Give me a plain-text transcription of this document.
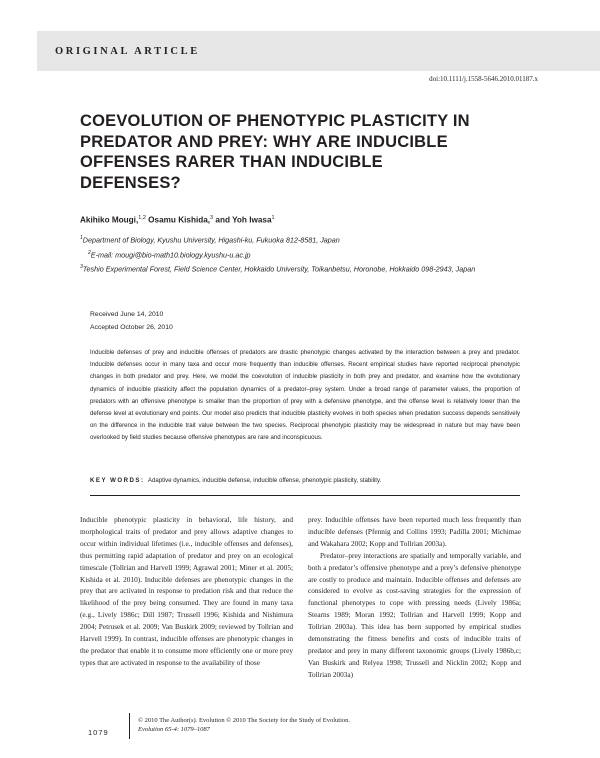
ORIGINAL ARTICLE
doi:10.1111/j.1558-5646.2010.01187.x
COEVOLUTION OF PHENOTYPIC PLASTICITY IN
PREDATOR AND PREY: WHY ARE INDUCIBLE
OFFENSES RARER THAN INDUCIBLE
DEFENSES?
Akihiko Mougi,$^{1,2}$ Osamu Kishida,$^3$ and Yoh Iwasa$^1$
$^1$Department of Biology, Kyushu University, Higashi-ku, Fukuoka 812-8581, Japan
$^2$E-mail: mougi@bio-math10.biology.kyushu-u.ac.jp
$^3$Teshio Experimental Forest, Field Science Center, Hokkaido University, Toikanbetsu, Horonobe, Hokkaido 098-2943, Japan
Received June 14, 2010
Accepted October 26, 2010

Inducible defenses of prey and inducible offenses of predators are drastic phenotypic changes activated by the interaction between a prey and predator. Inducible defenses occur in many taxa and occur more frequently than inducible offenses. Recent empirical studies have reported reciprocal phenotypic changes in both predator and prey. Here, we model the coevolution of inducible plasticity in both prey and predator, and examine how the evolutionary dynamics of inducible plasticity affect the population dynamics of a predator–prey system. Under a broad range of parameter values, the proportion of predators with an offensive phenotype is smaller than the proportion of prey with a defensive phenotype, and the offense level is relatively lower than the defense level at evolutionary end points. Our model also predicts that inducible plasticity evolves in both species when predation success depends sensitively on the difference in the inducible trait value between the two species. Reciprocal phenotypic plasticity may be widespread in nature but may have been overlooked by field studies because offensive phenotypes are rare and inconspicuous.

KEY WORDS: Adaptive dynamics, inducible defense, inducible offense, phenotypic plasticity, stability.

Inducible phenotypic plasticity in behavioral, life history, and morphological traits of predator and prey allows adaptive changes to occur within individual lifetimes (i.e., inducible offenses and defenses), thus permitting rapid adaptation of predator and prey on an ecological timescale (Tollrian and Harvell 1999; Agrawal 2001; Miner et al. 2005; Kishida et al. 2010). Inducible defenses are phenotypic changes in the prey that are activated in response to predation risk and that reduce the likelihood of the prey being consumed. They are found in many taxa (e.g., Lively 1986c; Dill 1987; Trussell 1996; Kishida and Nishimura 2004; Petrusek et al. 2009; Van Buskirk 2009; reviewed by Tollrian and Harvell 1999). In contrast, inducible offenses are phenotypic changes in the predator that enable it to consume more efficiently one or more prey types that are activated in response to the availability of those

prey. Inducible offenses have been reported much less frequently than inducible defenses (Pfennig and Collins 1993; Padilla 2001; Michimae and Wakahara 2002; Kopp and Tollrian 2003a).

Predator–prey interactions are spatially and temporally variable, and both a predator’s offensive phenotype and a prey’s defensive phenotype are costly to produce and maintain. Inducible offenses and defenses are considered to evolve as cost-saving strategies for the expression of functional phenotypes to cope with pressing needs (Lively 1986a; Stearns 1989; Moran 1992; Tollrian and Harvell 1999; Kopp and Tollrian 2003a). This idea has been supported by empirical studies demonstrating the fitness benefits and costs of inducible traits of predator and prey in many different taxonomic groups (Lively 1986b,c; Van Buskirk and Relyea 1998; Trussell and Nicklin 2002; Kopp and Tollrian 2003a)

1079
© 2010 The Author(s). Evolution © 2010 The Society for the Study of Evolution.
Evolution 65-4: 1079–1087
